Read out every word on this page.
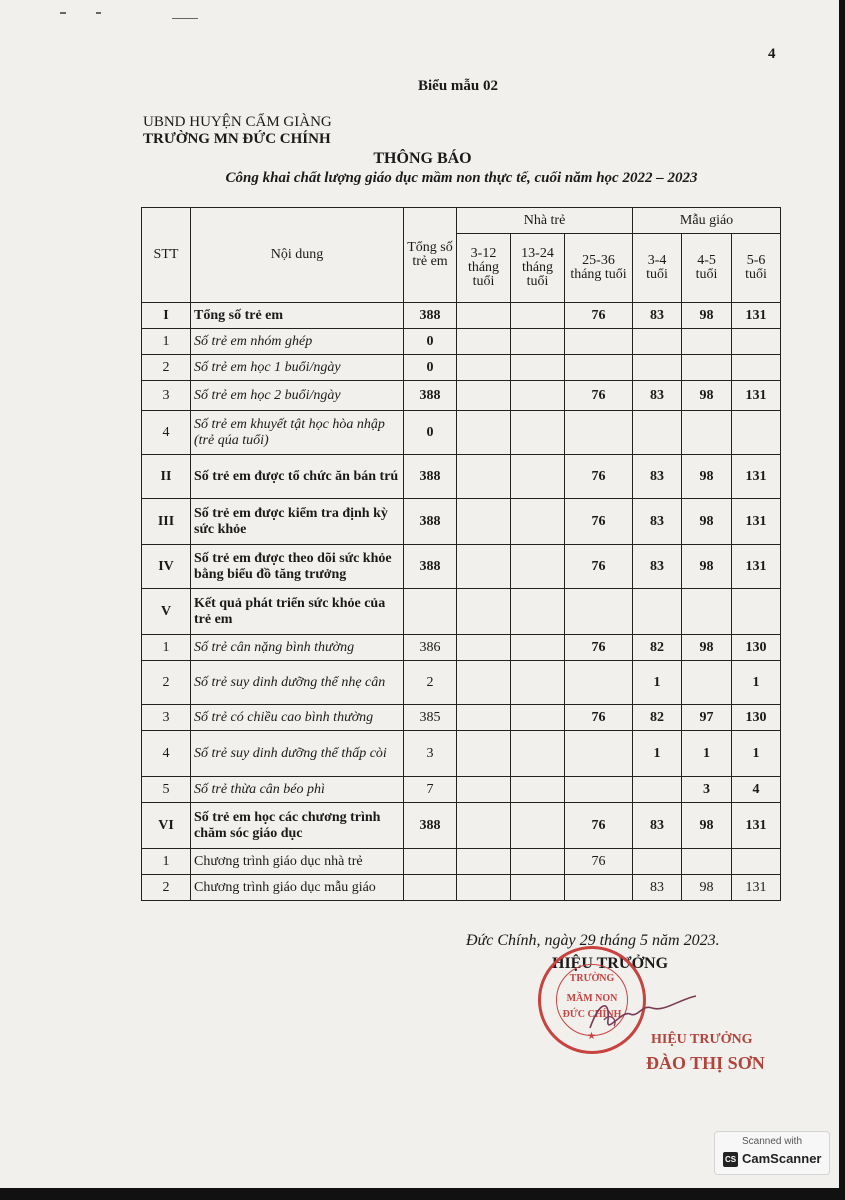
4
Biểu mẫu 02
UBND HUYỆN CẨM GIÀNG
TRƯỜNG MN ĐỨC CHÍNH
THÔNG BÁO
Công khai chất lượng giáo dục mầm non thực tế, cuối năm học 2022 – 2023
STT	Nội dung	Tổng số trẻ em	Nhà trẻ			Mẫu giáo		
			3-12 tháng tuổi	13-24 tháng tuổi	25-36 tháng tuổi	3-4 tuổi	4-5 tuổi	5-6 tuổi
I	Tổng số trẻ em	388			76	83	98	131
1	Số trẻ em nhóm ghép	0						
2	Số trẻ em học 1 buổi/ngày	0						
3	Số trẻ em học 2 buổi/ngày	388			76	83	98	131
4	Số trẻ em khuyết tật học hòa nhập (trẻ qúa tuổi)	0						
II	Số trẻ em được tổ chức ăn bán trú	388			76	83	98	131
III	Số trẻ em được kiểm tra định kỳ sức khỏe	388			76	83	98	131
IV	Số trẻ em được theo dõi sức khỏe bằng biểu đồ tăng trưởng	388			76	83	98	131
V	Kết quả phát triển sức khỏe của trẻ em							
1	Số trẻ cân nặng bình thường	386			76	82	98	130
2	Số trẻ suy dinh dưỡng thể nhẹ cân	2				1		1
3	Số trẻ có chiều cao bình thường	385			76	82	97	130
4	Số trẻ suy dinh dưỡng thể thấp còi	3				1	1	1
5	Số trẻ thừa cân béo phì	7					3	4
VI	Số trẻ em học các chương trình chăm sóc giáo dục	388			76	83	98	131
1	Chương trình giáo dục nhà trẻ				76			
2	Chương trình giáo dục mẫu giáo					83	98	131
Đức Chính, ngày 29 tháng 5 năm 2023.
HIỆU TRƯỞNG
TRƯỜNG
MẦM NON
ĐỨC CHÍNH
★	HIỆU TRƯỞNG
ĐÀO THỊ SƠN
Scanned with
CS CamScanner
